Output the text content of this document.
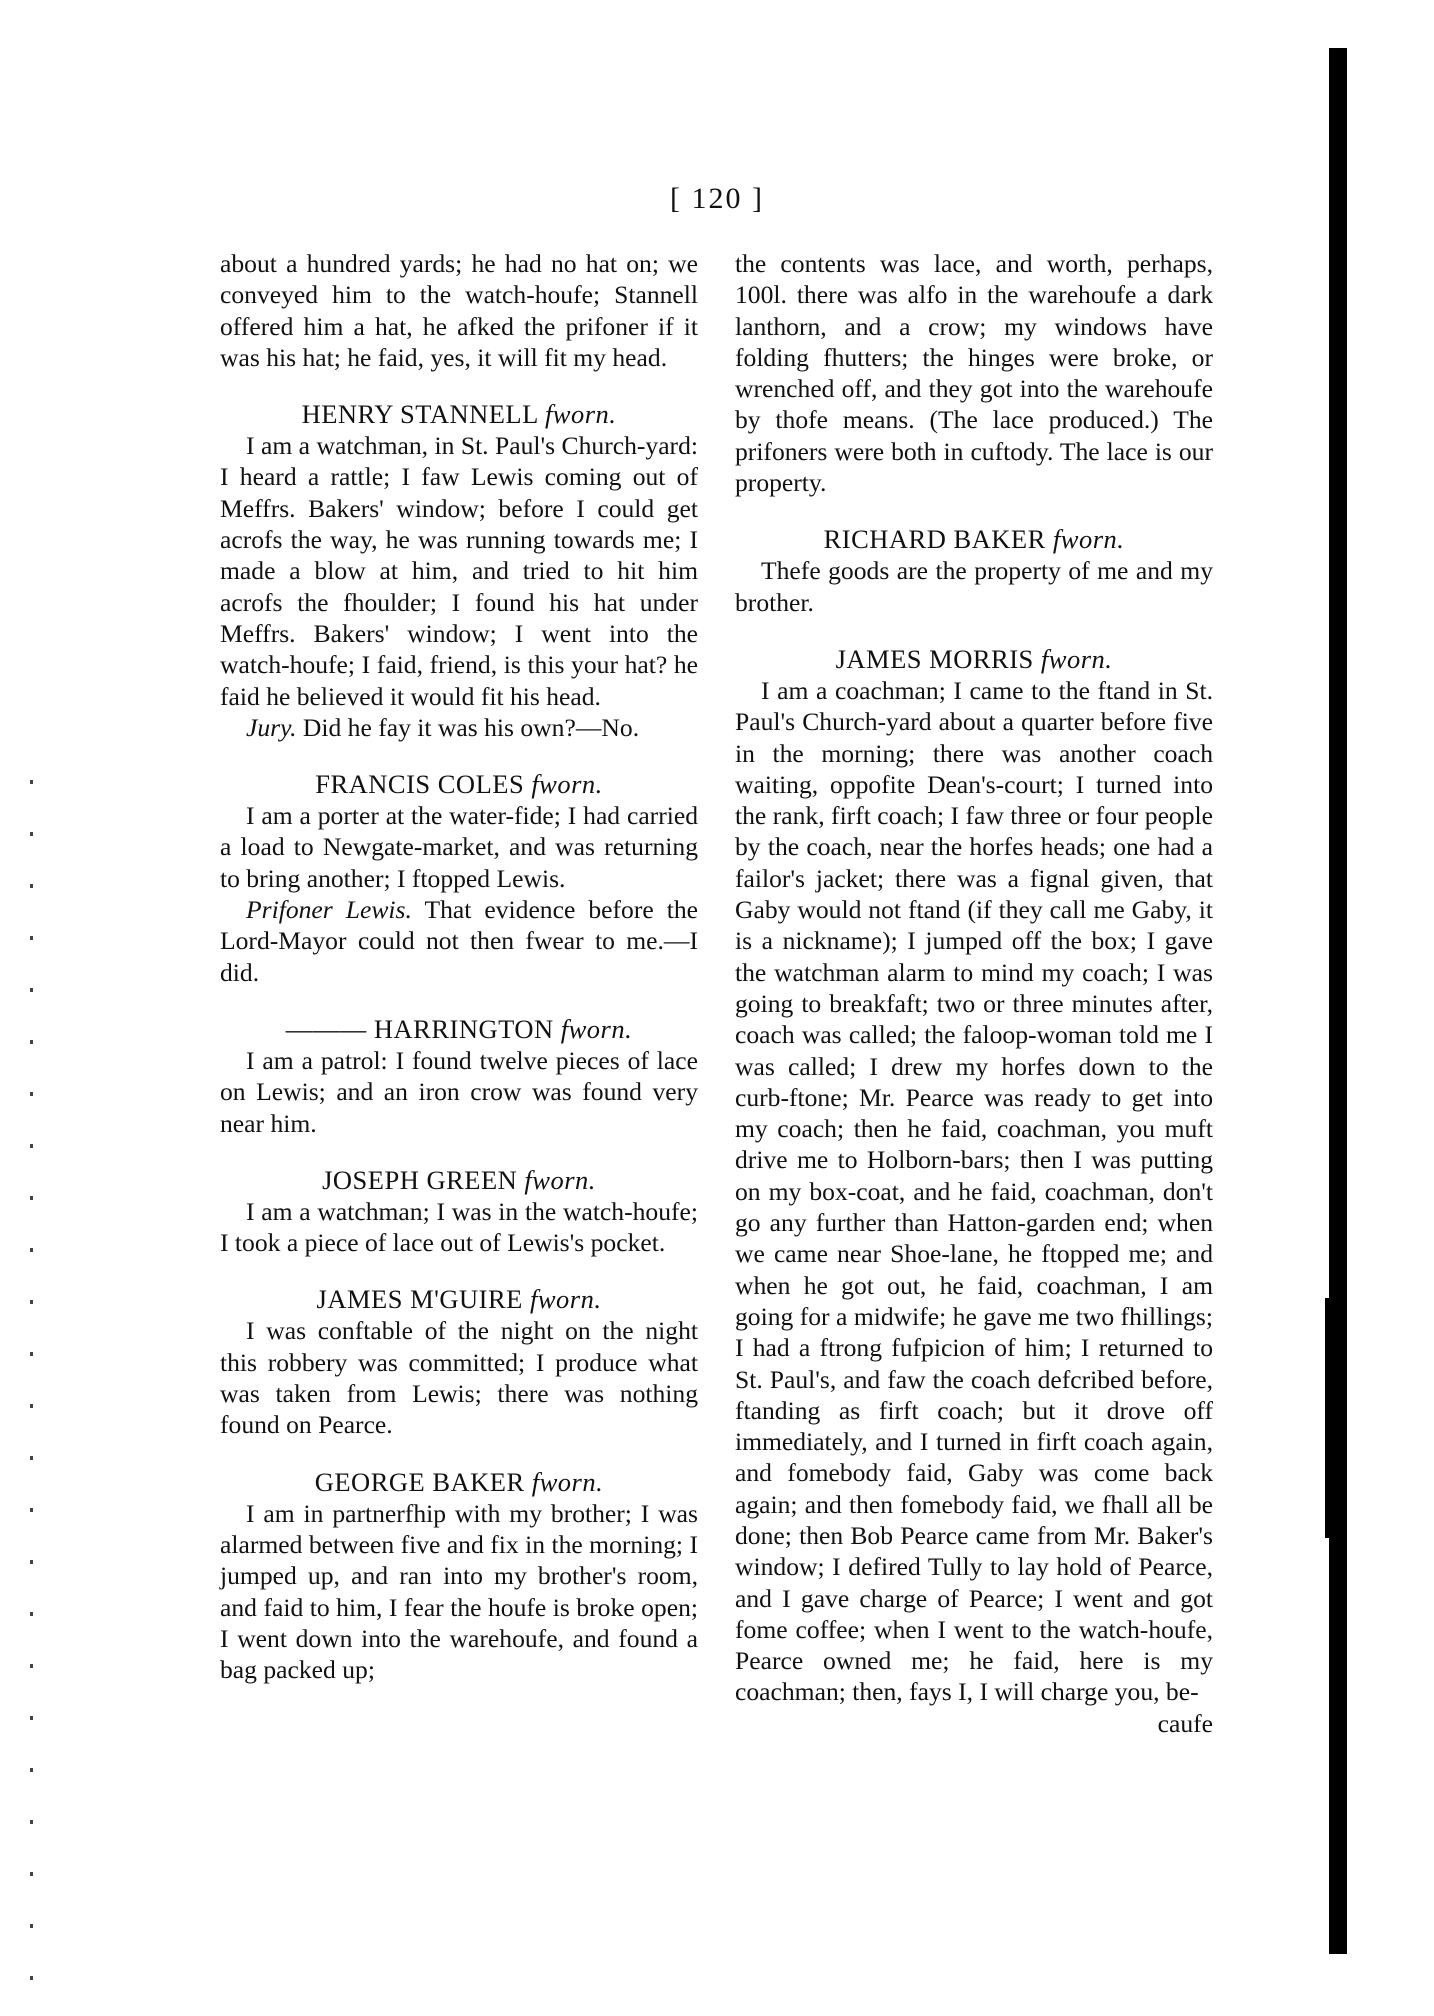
[ 120 ]

about a hundred yards; he had no hat on; we conveyed him to the watch-houfe; Stannell offered him a hat, he afked the prifoner if it was his hat; he faid, yes, it will fit my head.

HENRY STANNELL fworn.

I am a watchman, in St. Paul's Church-yard: I heard a rattle; I faw Lewis coming out of Meffrs. Bakers' window; before I could get acrofs the way, he was running towards me; I made a blow at him, and tried to hit him acrofs the fhoulder; I found his hat under Meffrs. Bakers' window; I went into the watch-houfe; I faid, friend, is this your hat? he faid he believed it would fit his head.

Jury. Did he fay it was his own?—No.

FRANCIS COLES fworn.

I am a porter at the water-fide; I had carried a load to Newgate-market, and was returning to bring another; I ftopped Lewis.

Prifoner Lewis. That evidence before the Lord-Mayor could not then fwear to me.—I did.

——— HARRINGTON fworn.

I am a patrol: I found twelve pieces of lace on Lewis; and an iron crow was found very near him.

JOSEPH GREEN fworn.

I am a watchman; I was in the watch-houfe; I took a piece of lace out of Lewis's pocket.

JAMES M'GUIRE fworn.

I was conftable of the night on the night this robbery was committed; I produce what was taken from Lewis; there was nothing found on Pearce.

GEORGE BAKER fworn.

I am in partnerfhip with my brother; I was alarmed between five and fix in the morning; I jumped up, and ran into my brother's room, and faid to him, I fear the houfe is broke open; I went down into the warehoufe, and found a bag packed up;

the contents was lace, and worth, perhaps, 100l. there was alfo in the warehoufe a dark lanthorn, and a crow; my windows have folding fhutters; the hinges were broke, or wrenched off, and they got into the warehoufe by thofe means. (The lace produced.) The prifoners were both in cuftody. The lace is our property.

RICHARD BAKER fworn.

Thefe goods are the property of me and my brother.

JAMES MORRIS fworn.

I am a coachman; I came to the ftand in St. Paul's Church-yard about a quarter before five in the morning; there was another coach waiting, oppofite Dean's-court; I turned into the rank, firft coach; I faw three or four people by the coach, near the horfes heads; one had a failor's jacket; there was a fignal given, that Gaby would not ftand (if they call me Gaby, it is a nickname); I jumped off the box; I gave the watchman alarm to mind my coach; I was going to breakfaft; two or three minutes after, coach was called; the faloop-woman told me I was called; I drew my horfes down to the curb-ftone; Mr. Pearce was ready to get into my coach; then he faid, coachman, you muft drive me to Holborn-bars; then I was putting on my box-coat, and he faid, coachman, don't go any further than Hatton-garden end; when we came near Shoe-lane, he ftopped me; and when he got out, he faid, coachman, I am going for a midwife; he gave me two fhillings; I had a ftrong fufpicion of him; I returned to St. Paul's, and faw the coach defcribed before, ftanding as firft coach; but it drove off immediately, and I turned in firft coach again, and fomebody faid, Gaby was come back again; and then fomebody faid, we fhall all be done; then Bob Pearce came from Mr. Baker's window; I defired Tully to lay hold of Pearce, and I gave charge of Pearce; I went and got fome coffee; when I went to the watch-houfe, Pearce owned me; he faid, here is my coachman; then, fays I, I will charge you, be-

caufe
